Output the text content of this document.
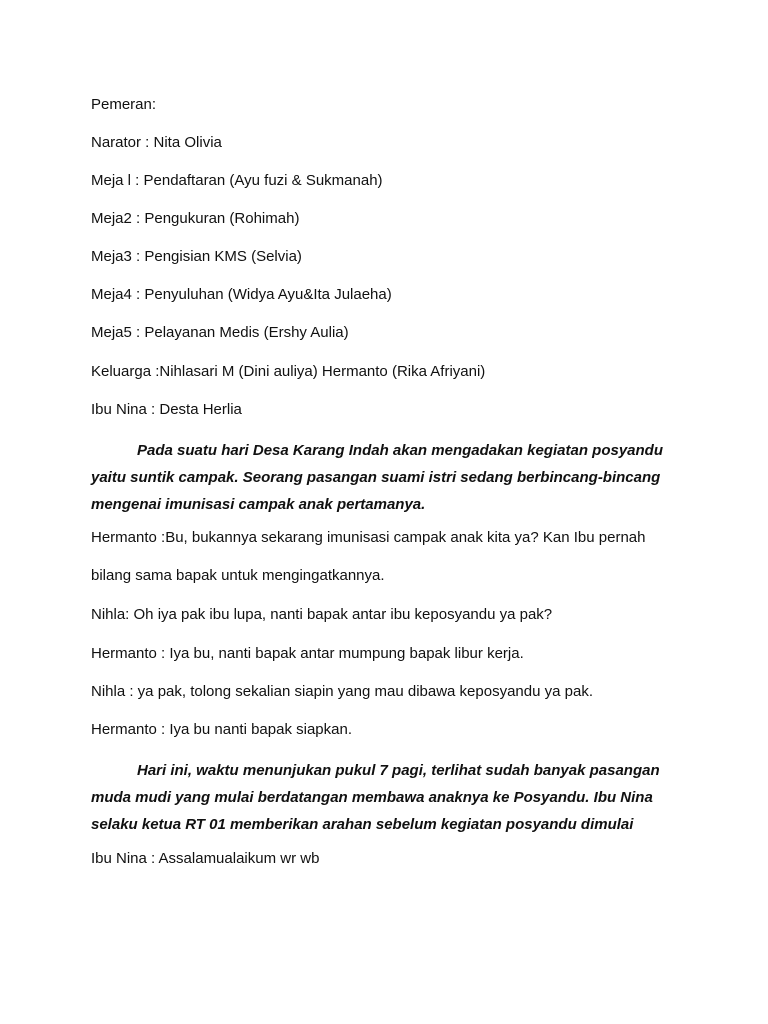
Pemeran:
Narator : Nita Olivia
Meja l : Pendaftaran (Ayu fuzi & Sukmanah)
Meja2 : Pengukuran (Rohimah)
Meja3 : Pengisian KMS (Selvia)
Meja4 : Penyuluhan (Widya Ayu&Ita Julaeha)
Meja5 : Pelayanan Medis (Ershy Aulia)
Keluarga :Nihlasari M (Dini auliya) Hermanto (Rika Afriyani)
Ibu Nina : Desta Herlia
Pada suatu hari Desa Karang Indah akan mengadakan kegiatan posyandu yaitu suntik campak. Seorang pasangan suami istri sedang berbincang-bincang mengenai imunisasi campak anak pertamanya.
Hermanto :Bu, bukannya sekarang imunisasi campak anak kita ya? Kan Ibu pernah
bilang sama bapak untuk mengingatkannya.
Nihla: Oh iya pak ibu lupa, nanti bapak antar ibu keposyandu ya pak?
Hermanto : Iya bu, nanti bapak antar mumpung bapak libur kerja.
Nihla : ya pak, tolong sekalian siapin yang mau dibawa keposyandu ya pak.
Hermanto : Iya bu nanti bapak siapkan.
Hari ini, waktu menunjukan pukul 7 pagi, terlihat sudah banyak pasangan muda mudi yang mulai berdatangan membawa anaknya ke Posyandu. Ibu Nina selaku ketua RT 01 memberikan arahan sebelum kegiatan posyandu dimulai
Ibu Nina : Assalamualaikum wr wb
